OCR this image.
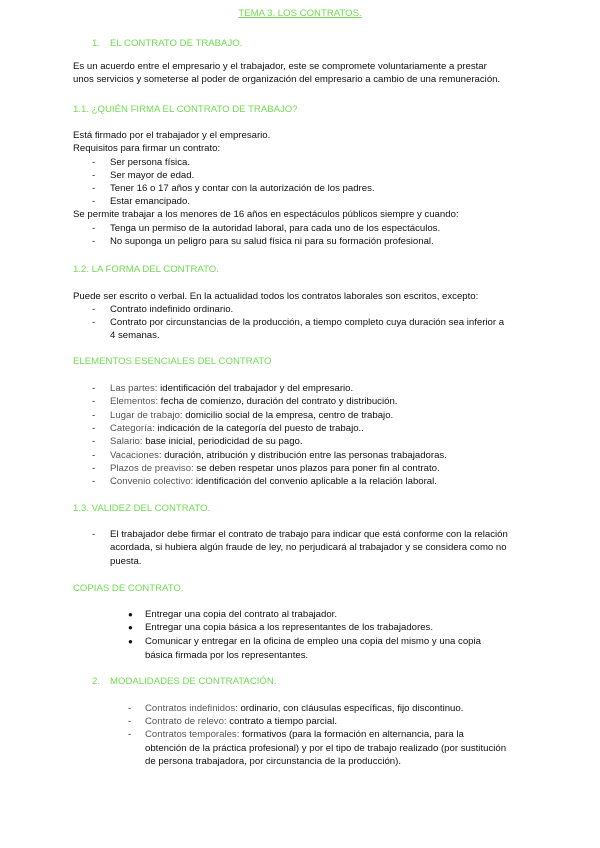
TEMA 3. LOS CONTRATOS.
1. EL CONTRATO DE TRABAJO.
Es un acuerdo entre el empresario y el trabajador, este se compromete voluntariamente a prestar
unos servicios y someterse al poder de organización del empresario a cambio de una remuneración.
1.1. ¿QUIÉN FIRMA EL CONTRATO DE TRABAJO?
Está firmado por el trabajador y el empresario.
Requisitos para firmar un contrato:
- Ser persona física.
- Ser mayor de edad.
- Tener 16 o 17 años y contar con la autorización de los padres.
- Estar emancipado.
Se permite trabajar a los menores de 16 años en espectáculos públicos siempre y cuando:
- Tenga un permiso de la autoridad laboral, para cada uno de los espectáculos.
- No suponga un peligro para su salud física ni para su formación profesional.
1.2. LA FORMA DEL CONTRATO.
Puede ser escrito o verbal. En la actualidad todos los contratos laborales son escritos, excepto:
- Contrato indefinido ordinario.
- Contrato por circunstancias de la producción, a tiempo completo cuya duración sea inferior a
4 semanas.
ELEMENTOS ESENCIALES DEL CONTRATO
- Las partes: identificación del trabajador y del empresario.
- Elementos: fecha de comienzo, duración del contrato y distribución.
- Lugar de trabajo: domicilio social de la empresa, centro de trabajo.
- Categoría: indicación de la categoría del puesto de trabajo..
- Salario: base inicial, periodicidad de su pago.
- Vacaciones: duración, atribución y distribución entre las personas trabajadoras.
- Plazos de preaviso: se deben respetar unos plazos para poner fin al contrato.
- Convenio colectivo: identificación del convenio aplicable a la relación laboral.
1.3. VALIDEZ DEL CONTRATO.
- El trabajador debe firmar el contrato de trabajo para indicar que está conforme con la relación
acordada, si hubiera algún fraude de ley, no perjudicará al trabajador y se considera como no
puesta.
COPIAS DE CONTRATO.
● Entregar una copia del contrato al trabajador.
● Entregar una copia básica a los representantes de los trabajadores.
● Comunicar y entregar en la oficina de empleo una copia del mismo y una copia
básica firmada por los representantes.
2. MODALIDADES DE CONTRATACIÓN.
- Contratos indefinidos: ordinario, con cláusulas específicas, fijo discontinuo.
- Contrato de relevo: contrato a tiempo parcial.
- Contratos temporales: formativos (para la formación en alternancia, para la
obtención de la práctica profesional) y por el tipo de trabajo realizado (por sustitución
de persona trabajadora, por circunstancia de la producción).
